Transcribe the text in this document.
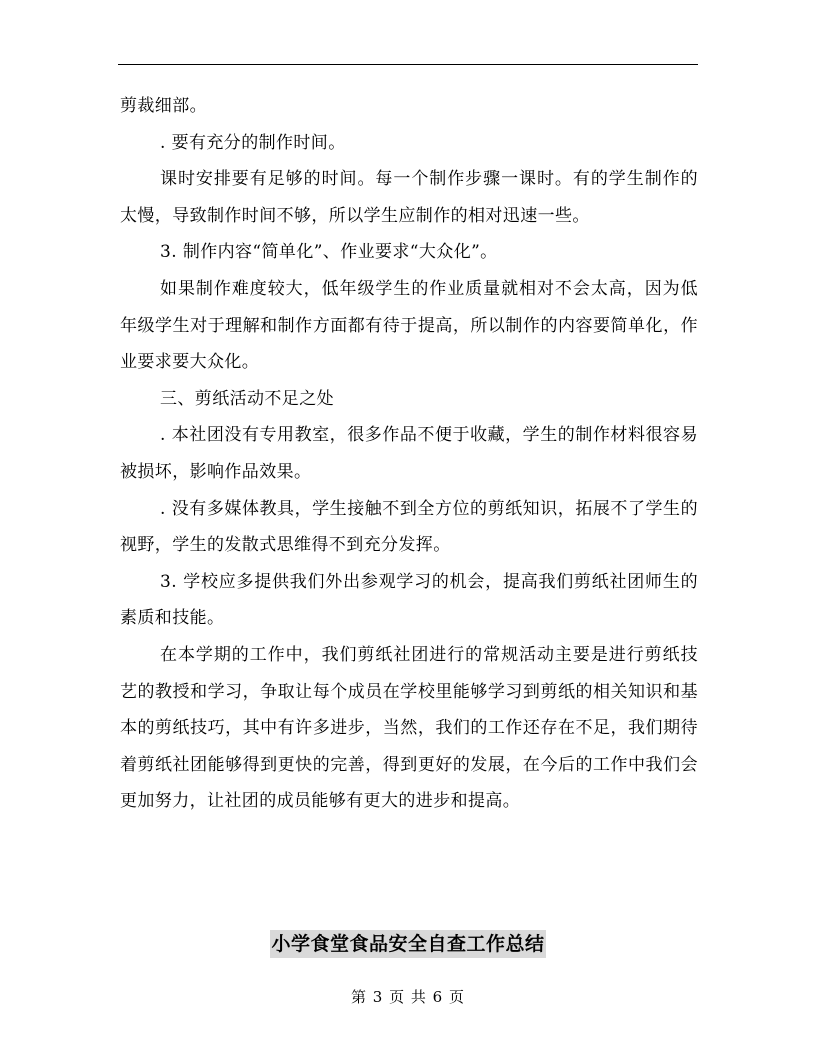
剪裁细部。

. 要有充分的制作时间。

课时安排要有足够的时间。每一个制作步骤一课时。有的学生制作的太慢，导致制作时间不够，所以学生应制作的相对迅速一些。

3. 制作内容“简单化”、作业要求“大众化”。

如果制作难度较大，低年级学生的作业质量就相对不会太高，因为低年级学生对于理解和制作方面都有待于提高，所以制作的内容要简单化，作业要求要大众化。

三、剪纸活动不足之处

. 本社团没有专用教室，很多作品不便于收藏，学生的制作材料很容易被损坏，影响作品效果。

. 没有多媒体教具，学生接触不到全方位的剪纸知识，拓展不了学生的视野，学生的发散式思维得不到充分发挥。

3. 学校应多提供我们外出参观学习的机会，提高我们剪纸社团师生的素质和技能。

在本学期的工作中，我们剪纸社团进行的常规活动主要是进行剪纸技艺的教授和学习，争取让每个成员在学校里能够学习到剪纸的相关知识和基本的剪纸技巧，其中有许多进步，当然，我们的工作还存在不足，我们期待着剪纸社团能够得到更快的完善，得到更好的发展，在今后的工作中我们会更加努力，让社团的成员能够有更大的进步和提高。

小学食堂食品安全自查工作总结
第 3 页 共 6 页
